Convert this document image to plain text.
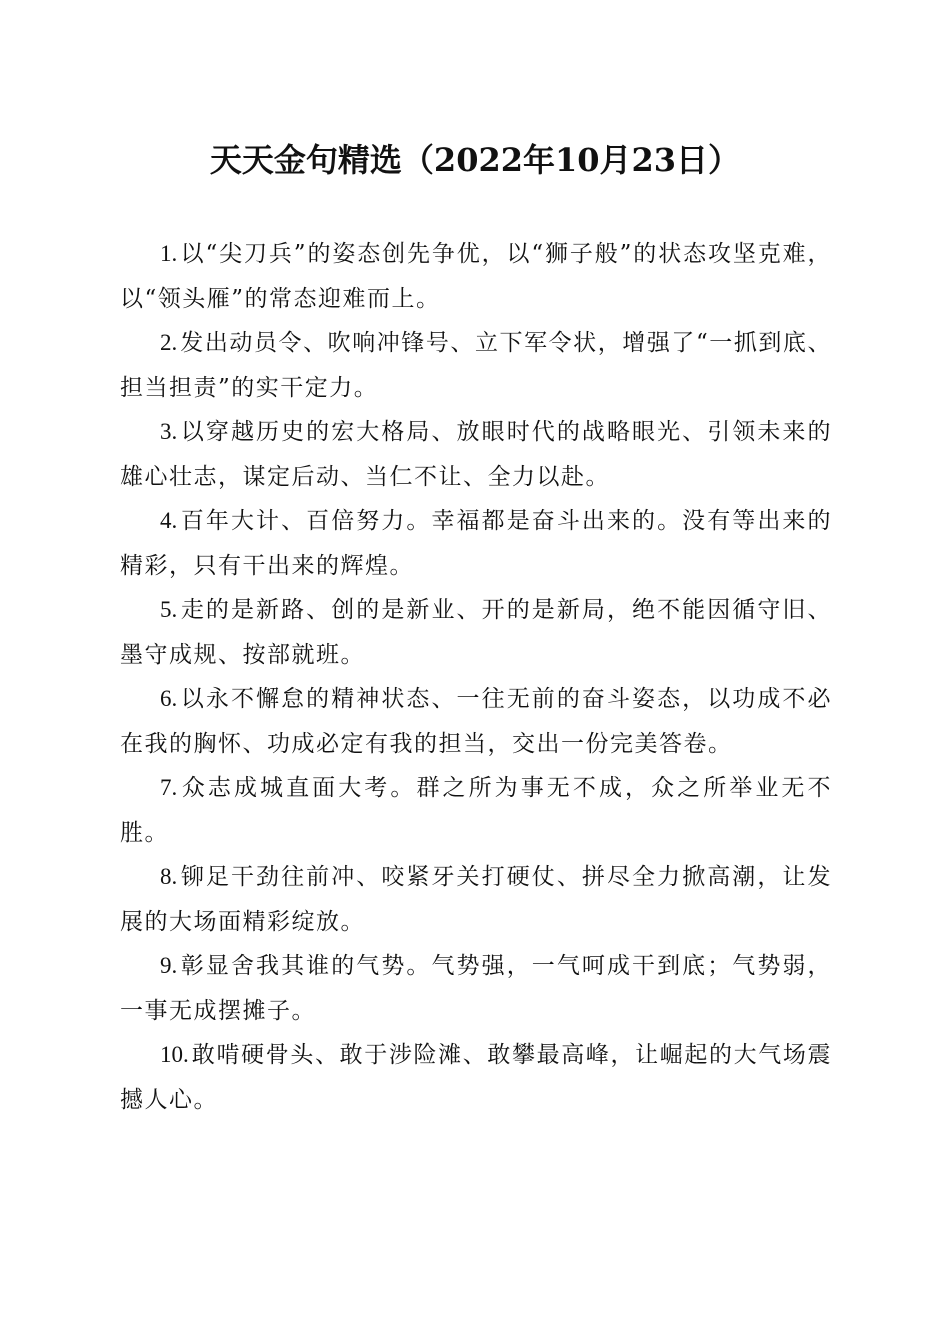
天天金句精选（2022年10月23日）

1. 以“尖刀兵”的姿态创先争优，以“狮子般”的状态攻坚克难，以“领头雁”的常态迎难而上。

2. 发出动员令、吹响冲锋号、立下军令状，增强了“一抓到底、担当担责”的实干定力。

3. 以穿越历史的宏大格局、放眼时代的战略眼光、引领未来的雄心壮志，谋定后动、当仁不让、全力以赴。

4. 百年大计、百倍努力。幸福都是奋斗出来的。没有等出来的精彩，只有干出来的辉煌。

5. 走的是新路、创的是新业、开的是新局，绝不能因循守旧、墨守成规、按部就班。

6. 以永不懈怠的精神状态、一往无前的奋斗姿态，以功成不必在我的胸怀、功成必定有我的担当，交出一份完美答卷。

7. 众志成城直面大考。群之所为事无不成，众之所举业无不胜。

8. 铆足干劲往前冲、咬紧牙关打硬仗、拼尽全力掀高潮，让发展的大场面精彩绽放。

9. 彰显舍我其谁的气势。气势强，一气呵成干到底；气势弱，一事无成摆摊子。

10. 敢啃硬骨头、敢于涉险滩、敢攀最高峰，让崛起的大气场震撼人心。
